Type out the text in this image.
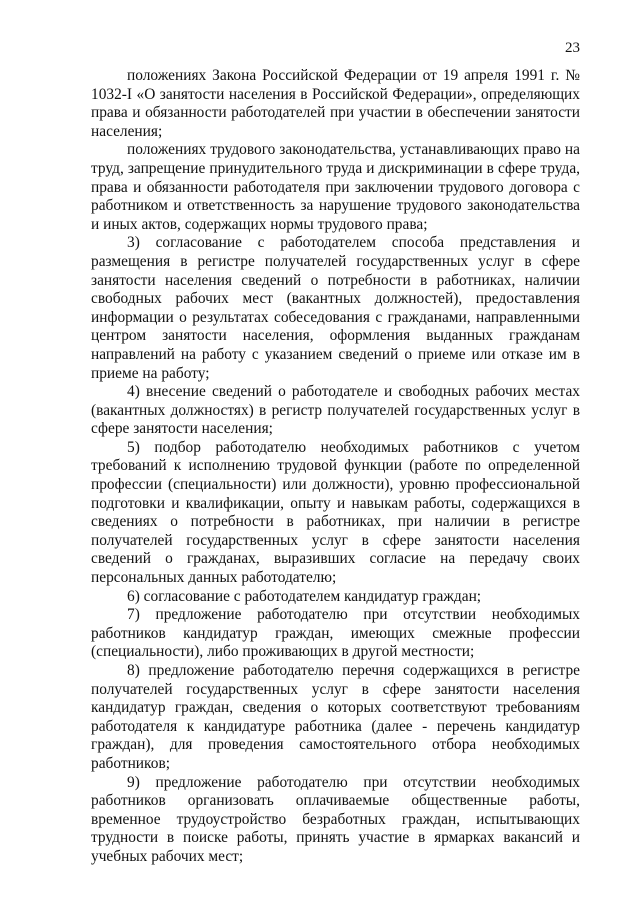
23

положениях Закона Российской Федерации от 19 апреля 1991 г. № 1032-I «О занятости населения в Российской Федерации», определяющих права и обязанности работодателей при участии в обеспечении занятости населения;

положениях трудового законодательства, устанавливающих право на труд, запрещение принудительного труда и дискриминации в сфере труда, права и обязанности работодателя при заключении трудового договора с работником и ответственность за нарушение трудового законодательства и иных актов, содержащих нормы трудового права;

3) согласование с работодателем способа представления и размещения в регистре получателей государственных услуг в сфере занятости населения сведений о потребности в работниках, наличии свободных рабочих мест (вакантных должностей), предоставления информации о результатах собеседования с гражданами, направленными центром занятости населения, оформления выданных гражданам направлений на работу с указанием сведений о приеме или отказе им в приеме на работу;

4) внесение сведений о работодателе и свободных рабочих местах (вакантных должностях) в регистр получателей государственных услуг в сфере занятости населения;

5) подбор работодателю необходимых работников с учетом требований к исполнению трудовой функции (работе по определенной профессии (специальности) или должности), уровню профессиональной подготовки и квалификации, опыту и навыкам работы, содержащихся в сведениях о потребности в работниках, при наличии в регистре получателей государственных услуг в сфере занятости населения сведений о гражданах, выразивших согласие на передачу своих персональных данных работодателю;

6) согласование с работодателем кандидатур граждан;

7) предложение работодателю при отсутствии необходимых работников кандидатур граждан, имеющих смежные профессии (специальности), либо проживающих в другой местности;

8) предложение работодателю перечня содержащихся в регистре получателей государственных услуг в сфере занятости населения кандидатур граждан, сведения о которых соответствуют требованиям работодателя к кандидатуре работника (далее - перечень кандидатур граждан), для проведения самостоятельного отбора необходимых работников;

9) предложение работодателю при отсутствии необходимых работников организовать оплачиваемые общественные работы, временное трудоустройство безработных граждан, испытывающих трудности в поиске работы, принять участие в ярмарках вакансий и учебных рабочих мест;
